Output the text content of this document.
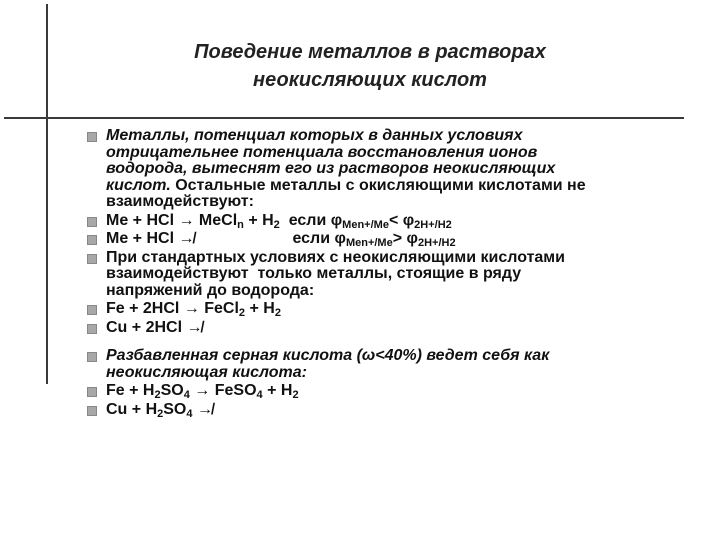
Поведение металлов в растворах
неокисляющих кислот
Металлы, потенциал которых в данных условиях
отрицательнее потенциала восстановления ионов
водорода, вытеснят его из растворов неокисляющих
кислот. Остальные металлы с окисляющими кислотами не
взаимодействуют:
Me + HCl → MeCl$_n$ + $H_2$  если $\varphi_{Men+/Me}< \varphi_{2H+/H2}$
Me + HCl ↛	если $\varphi_{Men+/Me}> \varphi_{2H+/H2}$
При стандартных условиях с неокисляющими кислотами
взаимодействуют  только металлы, стоящие в ряду
напряжений до водорода:
Fe + 2HCl → FeCl$_2$ + $H_2$
Cu + 2HCl ↛
Разбавленная серная кислота (ω<40%) ведет себя как
неокисляющая кислота:
$Fe + H_2SO_4$ → FeSO$_4$ + $H_2$
$Cu + H_2SO_4$ ↛
